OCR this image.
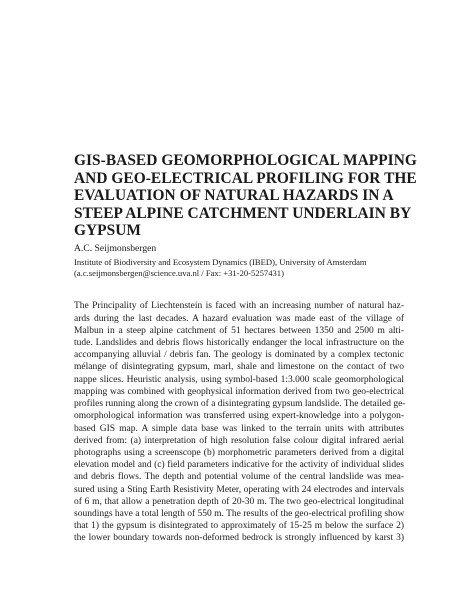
GIS-BASED GEOMORPHOLOGICAL MAPPING
AND GEO-ELECTRICAL PROFILING FOR THE
EVALUATION OF NATURAL HAZARDS IN A
STEEP ALPINE CATCHMENT UNDERLAIN BY
GYPSUM
A.C. Seijmonsbergen
Institute of Biodiversity and Ecosystem Dynamics (IBED), University of Amsterdam
(a.c.seijmonsbergen@science.uva.nl / Fax: +31-20-5257431)
The Principality of Liechtenstein is faced with an increasing number of natural haz-
ards during the last decades. A hazard evaluation was made east of the village of
Malbun in a steep alpine catchment of 51 hectares between 1350 and 2500 m alti-
tude. Landslides and debris flows historically endanger the local infrastructure on the
accompanying alluvial / debris fan. The geology is dominated by a complex tectonic
mélange of disintegrating gypsum, marl, shale and limestone on the contact of two
nappe slices. Heuristic analysis, using symbol-based 1:3.000 scale geomorphological
mapping was combined with geophysical information derived from two geo-electrical
profiles running along the crown of a disintegrating gypsum landslide. The detailed ge-
omorphological information was transferred using expert-knowledge into a polygon-
based GIS map. A simple data base was linked to the terrain units with attributes
derived from: (a) interpretation of high resolution false colour digital infrared aerial
photographs using a screenscope (b) morphometric parameters derived from a digital
elevation model and (c) field parameters indicative for the activity of individual slides
and debris flows. The depth and potential volume of the central landslide was mea-
sured using a Sting Earth Resistivity Meter, operating with 24 electrodes and intervals
of 6 m, that allow a penetration depth of 20-30 m. The two geo-electrical longitudinal
soundings have a total length of 550 m. The results of the geo-electrical profiling show
that 1) the gypsum is disintegrated to approximately of 15-25 m below the surface 2)
the lower boundary towards non-deformed bedrock is strongly influenced by karst 3)
